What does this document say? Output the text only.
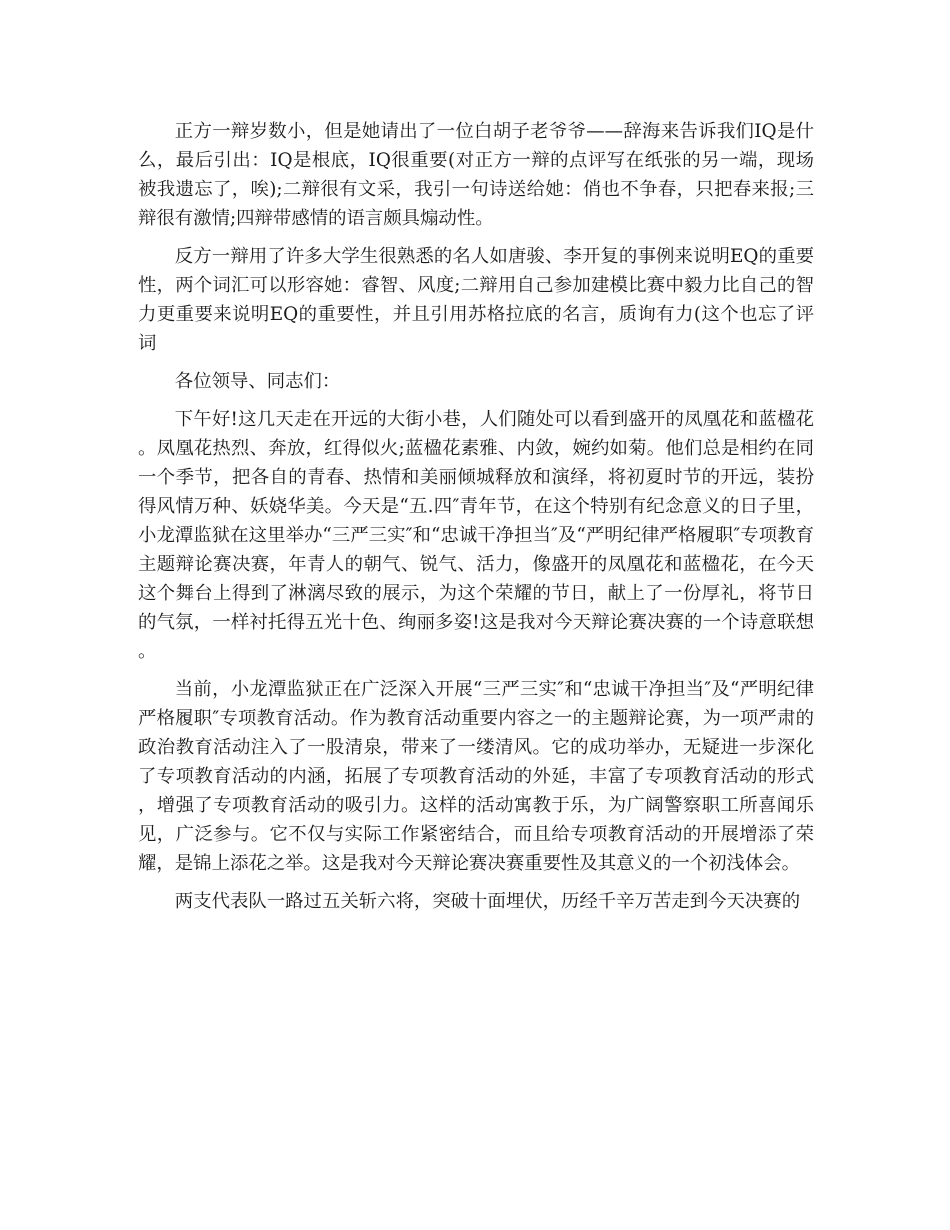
正方一辩岁数小，但是她请出了一位白胡子老爷爷——辞海来告诉我们IQ是什么，最后引出：IQ是根底，IQ很重要(对正方一辩的点评写在纸张的另一端，现场被我遗忘了，唉);二辩很有文采，我引一句诗送给她：俏也不争春，只把春来报;三辩很有激情;四辩带感情的语言颇具煽动性。

反方一辩用了许多大学生很熟悉的名人如唐骏、李开复的事例来说明EQ的重要性，两个词汇可以形容她：睿智、风度;二辩用自己参加建模比赛中毅力比自己的智力更重要来说明EQ的重要性，并且引用苏格拉底的名言，质询有力(这个也忘了评词

各位领导、同志们：

下午好!这几天走在开远的大街小巷，人们随处可以看到盛开的凤凰花和蓝楹花。凤凰花热烈、奔放，红得似火;蓝楹花素雅、内敛，婉约如菊。他们总是相约在同一个季节，把各自的青春、热情和美丽倾城释放和演绎，将初夏时节的开远，装扮得风情万种、妖娆华美。今天是“五.四″青年节，在这个特别有纪念意义的日子里，小龙潭监狱在这里举办“三严三实″和“忠诚干净担当″及“严明纪律严格履职″专项教育主题辩论赛决赛，年青人的朝气、锐气、活力，像盛开的凤凰花和蓝楹花，在今天这个舞台上得到了淋漓尽致的展示，为这个荣耀的节日，献上了一份厚礼，将节日的气氛，一样衬托得五光十色、绚丽多姿!这是我对今天辩论赛决赛的一个诗意联想。

当前，小龙潭监狱正在广泛深入开展“三严三实″和“忠诚干净担当″及“严明纪律严格履职″专项教育活动。作为教育活动重要内容之一的主题辩论赛，为一项严肃的政治教育活动注入了一股清泉，带来了一缕清风。它的成功举办，无疑进一步深化了专项教育活动的内涵，拓展了专项教育活动的外延，丰富了专项教育活动的形式，增强了专项教育活动的吸引力。这样的活动寓教于乐，为广阔警察职工所喜闻乐见，广泛参与。它不仅与实际工作紧密结合，而且给专项教育活动的开展增添了荣耀，是锦上添花之举。这是我对今天辩论赛决赛重要性及其意义的一个初浅体会。

两支代表队一路过五关斩六将，突破十面埋伏，历经千辛万苦走到今天决赛的
